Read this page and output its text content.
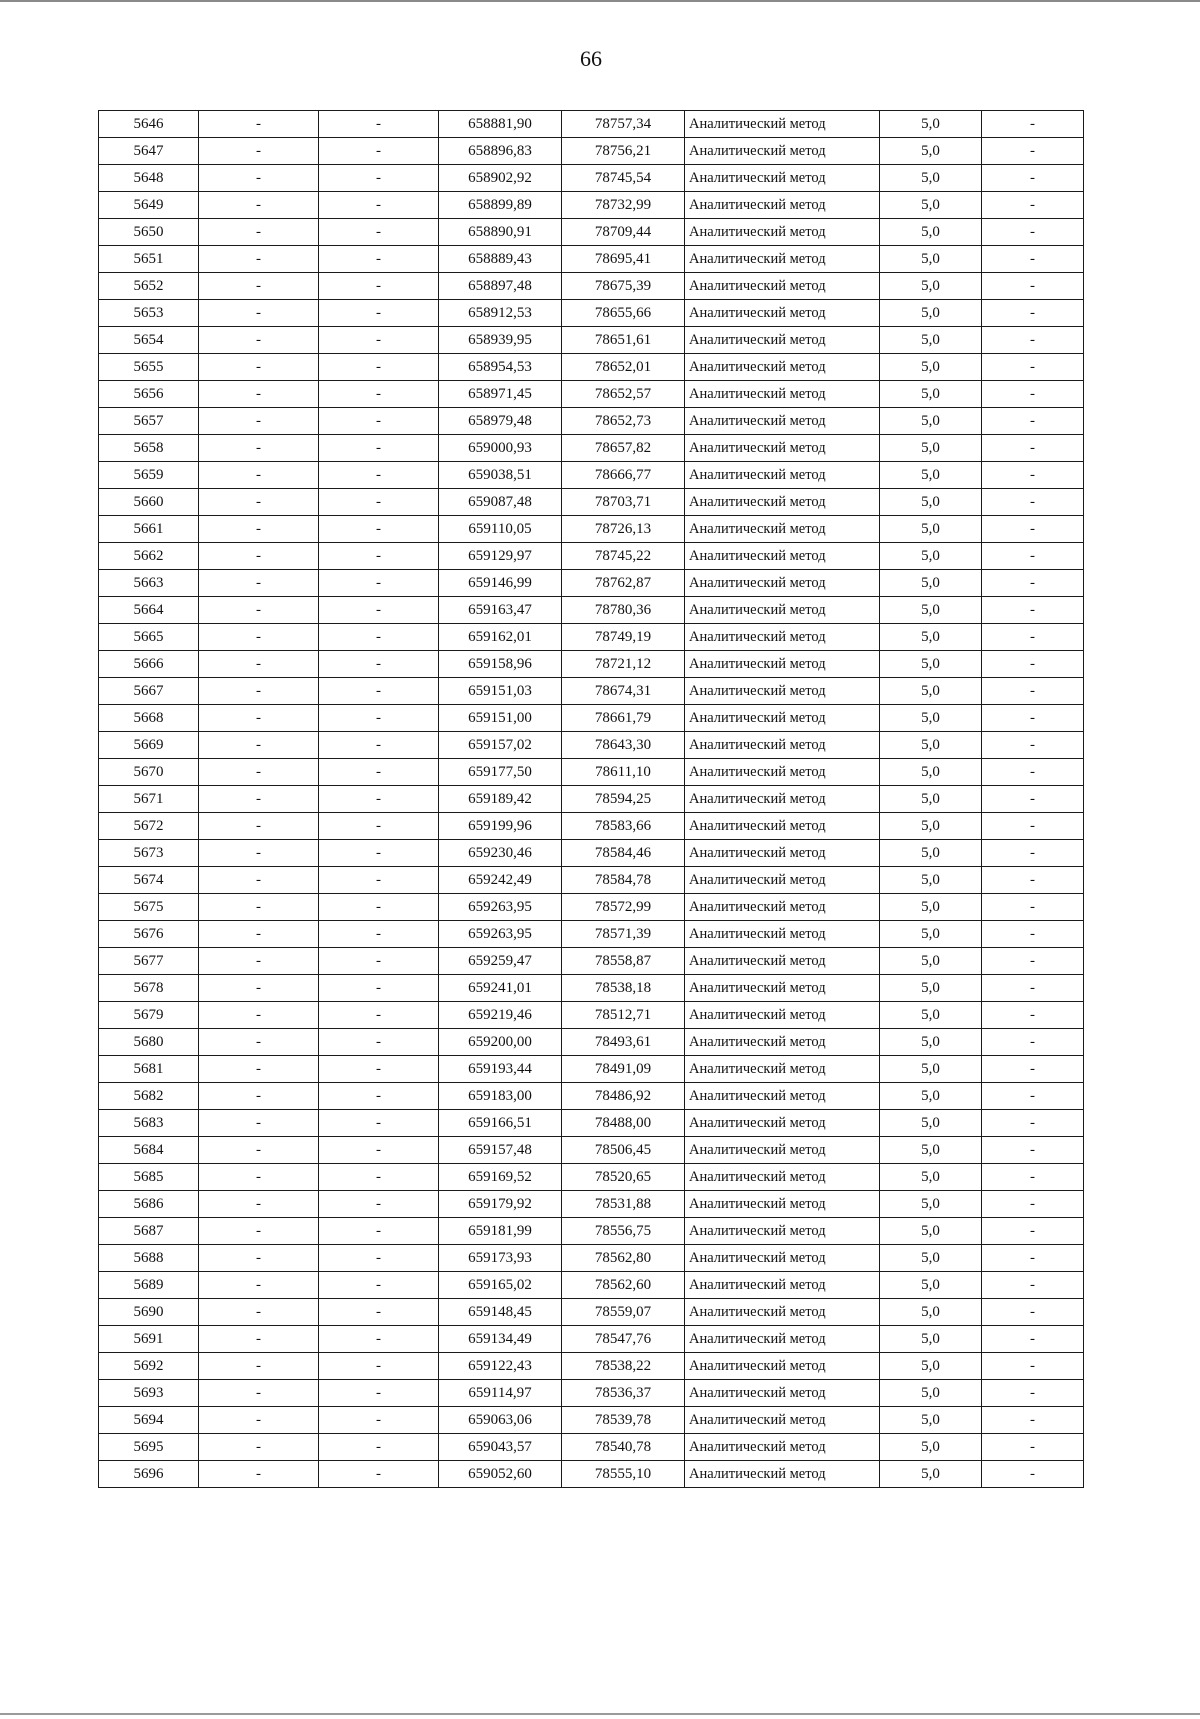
66
5646	-	-	658881,90	78757,34	Аналитический метод	5,0	-
5647	-	-	658896,83	78756,21	Аналитический метод	5,0	-
5648	-	-	658902,92	78745,54	Аналитический метод	5,0	-
5649	-	-	658899,89	78732,99	Аналитический метод	5,0	-
5650	-	-	658890,91	78709,44	Аналитический метод	5,0	-
5651	-	-	658889,43	78695,41	Аналитический метод	5,0	-
5652	-	-	658897,48	78675,39	Аналитический метод	5,0	-
5653	-	-	658912,53	78655,66	Аналитический метод	5,0	-
5654	-	-	658939,95	78651,61	Аналитический метод	5,0	-
5655	-	-	658954,53	78652,01	Аналитический метод	5,0	-
5656	-	-	658971,45	78652,57	Аналитический метод	5,0	-
5657	-	-	658979,48	78652,73	Аналитический метод	5,0	-
5658	-	-	659000,93	78657,82	Аналитический метод	5,0	-
5659	-	-	659038,51	78666,77	Аналитический метод	5,0	-
5660	-	-	659087,48	78703,71	Аналитический метод	5,0	-
5661	-	-	659110,05	78726,13	Аналитический метод	5,0	-
5662	-	-	659129,97	78745,22	Аналитический метод	5,0	-
5663	-	-	659146,99	78762,87	Аналитический метод	5,0	-
5664	-	-	659163,47	78780,36	Аналитический метод	5,0	-
5665	-	-	659162,01	78749,19	Аналитический метод	5,0	-
5666	-	-	659158,96	78721,12	Аналитический метод	5,0	-
5667	-	-	659151,03	78674,31	Аналитический метод	5,0	-
5668	-	-	659151,00	78661,79	Аналитический метод	5,0	-
5669	-	-	659157,02	78643,30	Аналитический метод	5,0	-
5670	-	-	659177,50	78611,10	Аналитический метод	5,0	-
5671	-	-	659189,42	78594,25	Аналитический метод	5,0	-
5672	-	-	659199,96	78583,66	Аналитический метод	5,0	-
5673	-	-	659230,46	78584,46	Аналитический метод	5,0	-
5674	-	-	659242,49	78584,78	Аналитический метод	5,0	-
5675	-	-	659263,95	78572,99	Аналитический метод	5,0	-
5676	-	-	659263,95	78571,39	Аналитический метод	5,0	-
5677	-	-	659259,47	78558,87	Аналитический метод	5,0	-
5678	-	-	659241,01	78538,18	Аналитический метод	5,0	-
5679	-	-	659219,46	78512,71	Аналитический метод	5,0	-
5680	-	-	659200,00	78493,61	Аналитический метод	5,0	-
5681	-	-	659193,44	78491,09	Аналитический метод	5,0	-
5682	-	-	659183,00	78486,92	Аналитический метод	5,0	-
5683	-	-	659166,51	78488,00	Аналитический метод	5,0	-
5684	-	-	659157,48	78506,45	Аналитический метод	5,0	-
5685	-	-	659169,52	78520,65	Аналитический метод	5,0	-
5686	-	-	659179,92	78531,88	Аналитический метод	5,0	-
5687	-	-	659181,99	78556,75	Аналитический метод	5,0	-
5688	-	-	659173,93	78562,80	Аналитический метод	5,0	-
5689	-	-	659165,02	78562,60	Аналитический метод	5,0	-
5690	-	-	659148,45	78559,07	Аналитический метод	5,0	-
5691	-	-	659134,49	78547,76	Аналитический метод	5,0	-
5692	-	-	659122,43	78538,22	Аналитический метод	5,0	-
5693	-	-	659114,97	78536,37	Аналитический метод	5,0	-
5694	-	-	659063,06	78539,78	Аналитический метод	5,0	-
5695	-	-	659043,57	78540,78	Аналитический метод	5,0	-
5696	-	-	659052,60	78555,10	Аналитический метод	5,0	-
